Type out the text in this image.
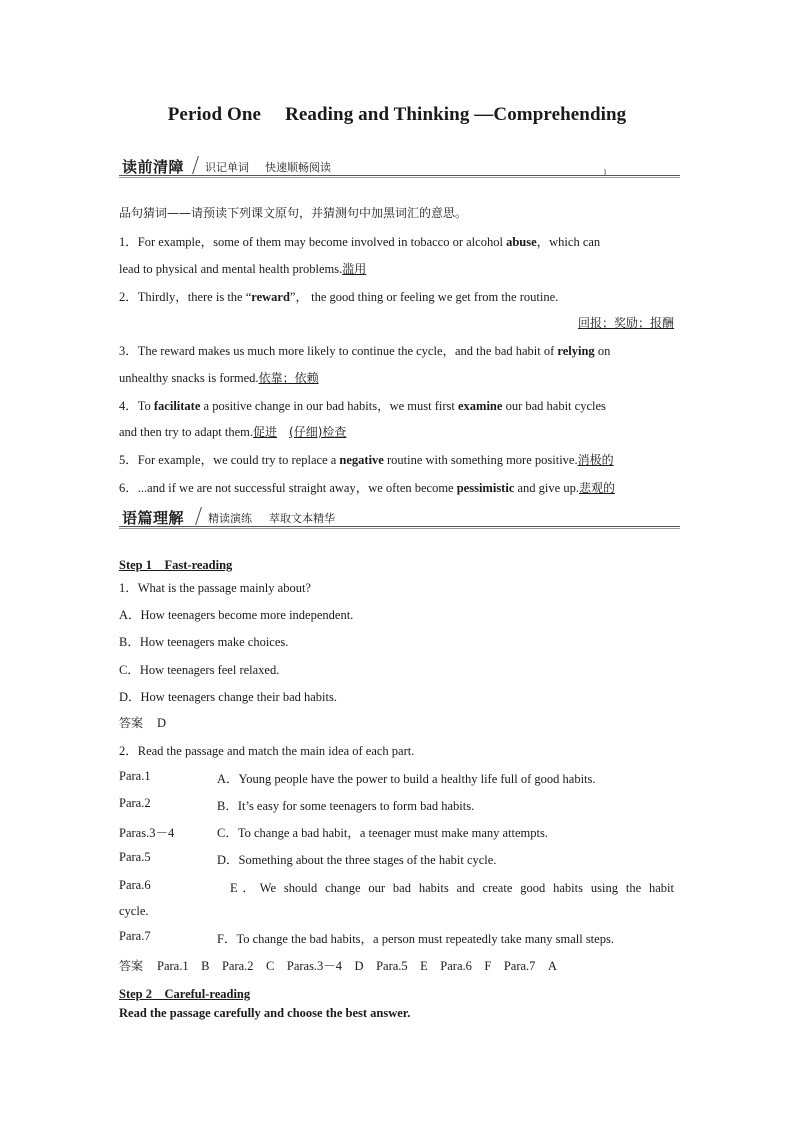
Period One Reading and Thinking —Comprehending
读前清障 识记单词 快速顺畅阅读	⌇
品句猜词——请预读下列课文原句，并猜测句中加黑词汇的意思。
1．For example，some of them may become involved in tobacco or alcohol abuse，which can
lead to physical and mental health problems.滥用
2．Thirdly，there is the “reward”， the good thing or feeling we get from the routine.
回报；奖励；报酬
3．The reward makes us much more likely to continue the cycle，and the bad habit of relying on
unhealthy snacks is formed.依靠；依赖
4．To facilitate a positive change in our bad habits，we must first examine our bad habit cycles
and then try to adapt them.促进 (仔细)检查
5．For example，we could try to replace a negative routine with something more positive.消极的
6．...and if we are not successful straight away，we often become pessimistic and give up.悲观的
语篇理解 精读演练 萃取文本精华
Step 1　Fast-reading
1．What is the passage mainly about?
A．How teenagers become more independent.
B．How teenagers make choices.
C．How teenagers feel relaxed.
D．How teenagers change their bad habits.
答案 D
2．Read the passage and match the main idea of each part.
Para.1	A．Young people have the power to build a healthy life full of good habits.
Para.2	B．It’s easy for some teenagers to form bad habits.
Paras.3－4	C．To change a bad habit，a teenager must make many attempts.
Para.5	D．Something about the three stages of the habit cycle.
Para.6	E．We should change our bad habits and create good habits using the habit
cycle.
Para.7	F．To change the bad habits，a person must repeatedly take many small steps.
答案 Para.1　B　Para.2　C　Paras.3－4　D　Para.5　E　Para.6　F　Para.7　A
Step 2　Careful-reading
Read the passage carefully and choose the best answer.
